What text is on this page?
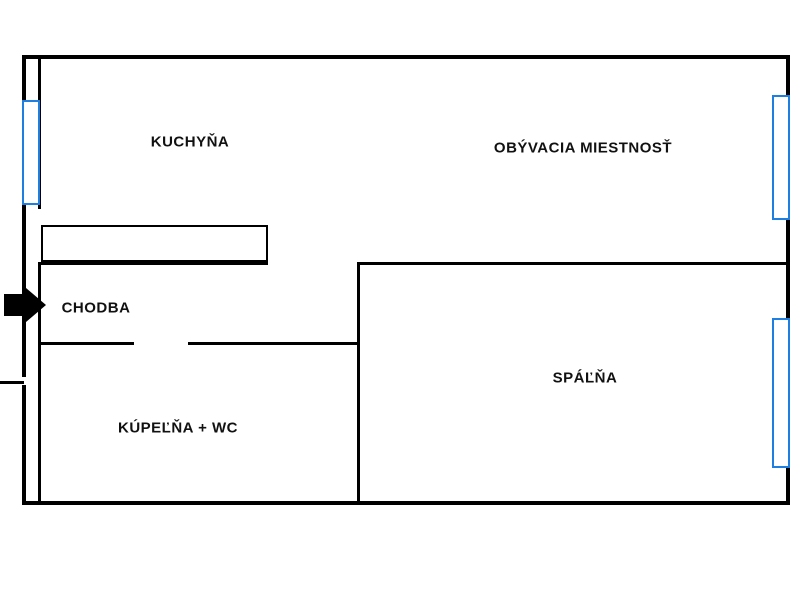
KUCHYŇA	OBÝVACIA MIESTNOSŤ
CHODBA
SPÁĽŇA
KÚPEĽŇA + WC
